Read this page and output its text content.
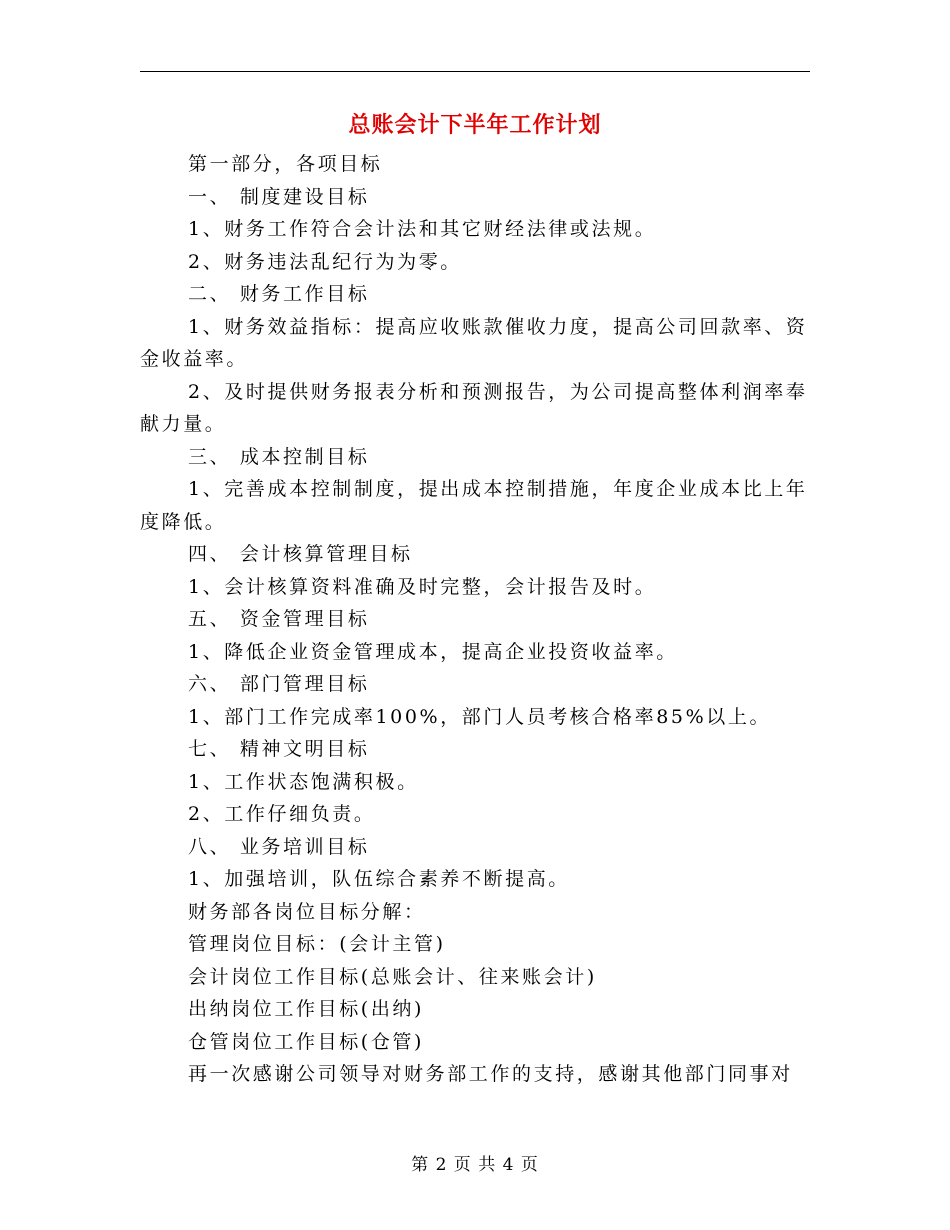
总账会计下半年工作计划

第一部分，各项目标

一、 制度建设目标

1、财务工作符合会计法和其它财经法律或法规。

2、财务违法乱纪行为为零。

二、 财务工作目标

1、财务效益指标：提高应收账款催收力度，提高公司回款率、资金收益率。

2、及时提供财务报表分析和预测报告，为公司提高整体利润率奉献力量。

三、 成本控制目标

1、完善成本控制制度，提出成本控制措施，年度企业成本比上年度降低。

四、 会计核算管理目标

1、会计核算资料准确及时完整，会计报告及时。

五、 资金管理目标

1、降低企业资金管理成本，提高企业投资收益率。

六、 部门管理目标

1、部门工作完成率100%，部门人员考核合格率85%以上。

七、 精神文明目标

1、工作状态饱满积极。

2、工作仔细负责。

八、 业务培训目标

1、加强培训，队伍综合素养不断提高。

财务部各岗位目标分解：

管理岗位目标：(会计主管)

会计岗位工作目标(总账会计、往来账会计)

出纳岗位工作目标(出纳)

仓管岗位工作目标(仓管)

再一次感谢公司领导对财务部工作的支持，感谢其他部门同事对

第 2 页 共 4 页
